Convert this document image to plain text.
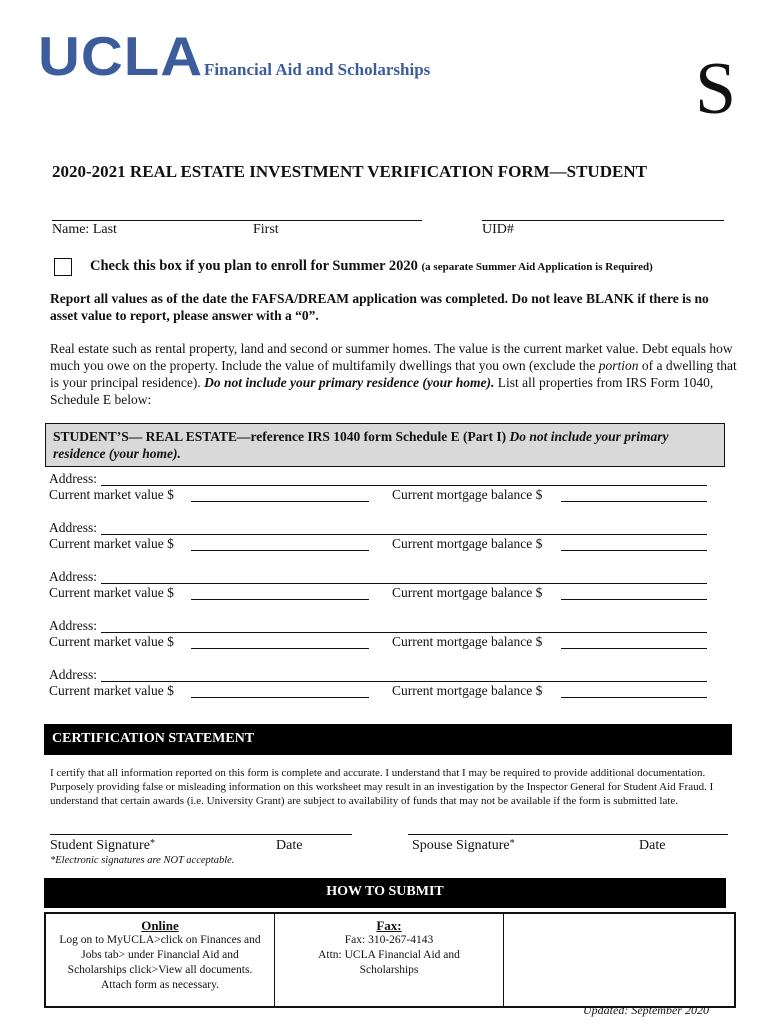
UCLA Financial Aid and Scholarships	S
2020-2021 REAL ESTATE INVESTMENT VERIFICATION FORM—STUDENT
Name: Last	First	UID#
Check this box if you plan to enroll for Summer 2020 (a separate Summer Aid Application is Required)
Report all values as of the date the FAFSA/DREAM application was completed. Do not leave BLANK if there is no asset value to report, please answer with a “0”.
Real estate such as rental property, land and second or summer homes. The value is the current market value. Debt equals how much you owe on the property. Include the value of multifamily dwellings that you own (exclude the portion of a dwelling that is your principal residence). Do not include your primary residence (your home). List all properties from IRS Form 1040, Schedule E below:
STUDENT’S— REAL ESTATE—reference IRS 1040 form Schedule E (Part I) Do not include your primary residence (your home).
Address:
Current market value $	Current mortgage balance $
Address:
Current market value $	Current mortgage balance $
Address:
Current market value $	Current mortgage balance $
Address:
Current market value $	Current mortgage balance $
Address:
Current market value $	Current mortgage balance $
CERTIFICATION STATEMENT
I certify that all information reported on this form is complete and accurate. I understand that I may be required to provide additional documentation. Purposely providing false or misleading information on this worksheet may result in an investigation by the Inspector General for Student Aid Fraud. I understand that certain awards (i.e. University Grant) are subject to availability of funds that may not be available if the form is submitted late.
Student Signature*	Date	Spouse Signature*	Date
*Electronic signatures are NOT acceptable.
HOW TO SUBMIT
Online
Log on to MyUCLA>click on Finances and Jobs tab> under Financial Aid and Scholarships click>View all documents. Attach form as necessary.
Fax:
Fax: 310-267-4143
Attn: UCLA Financial Aid and Scholarships
Updated: September 2020
